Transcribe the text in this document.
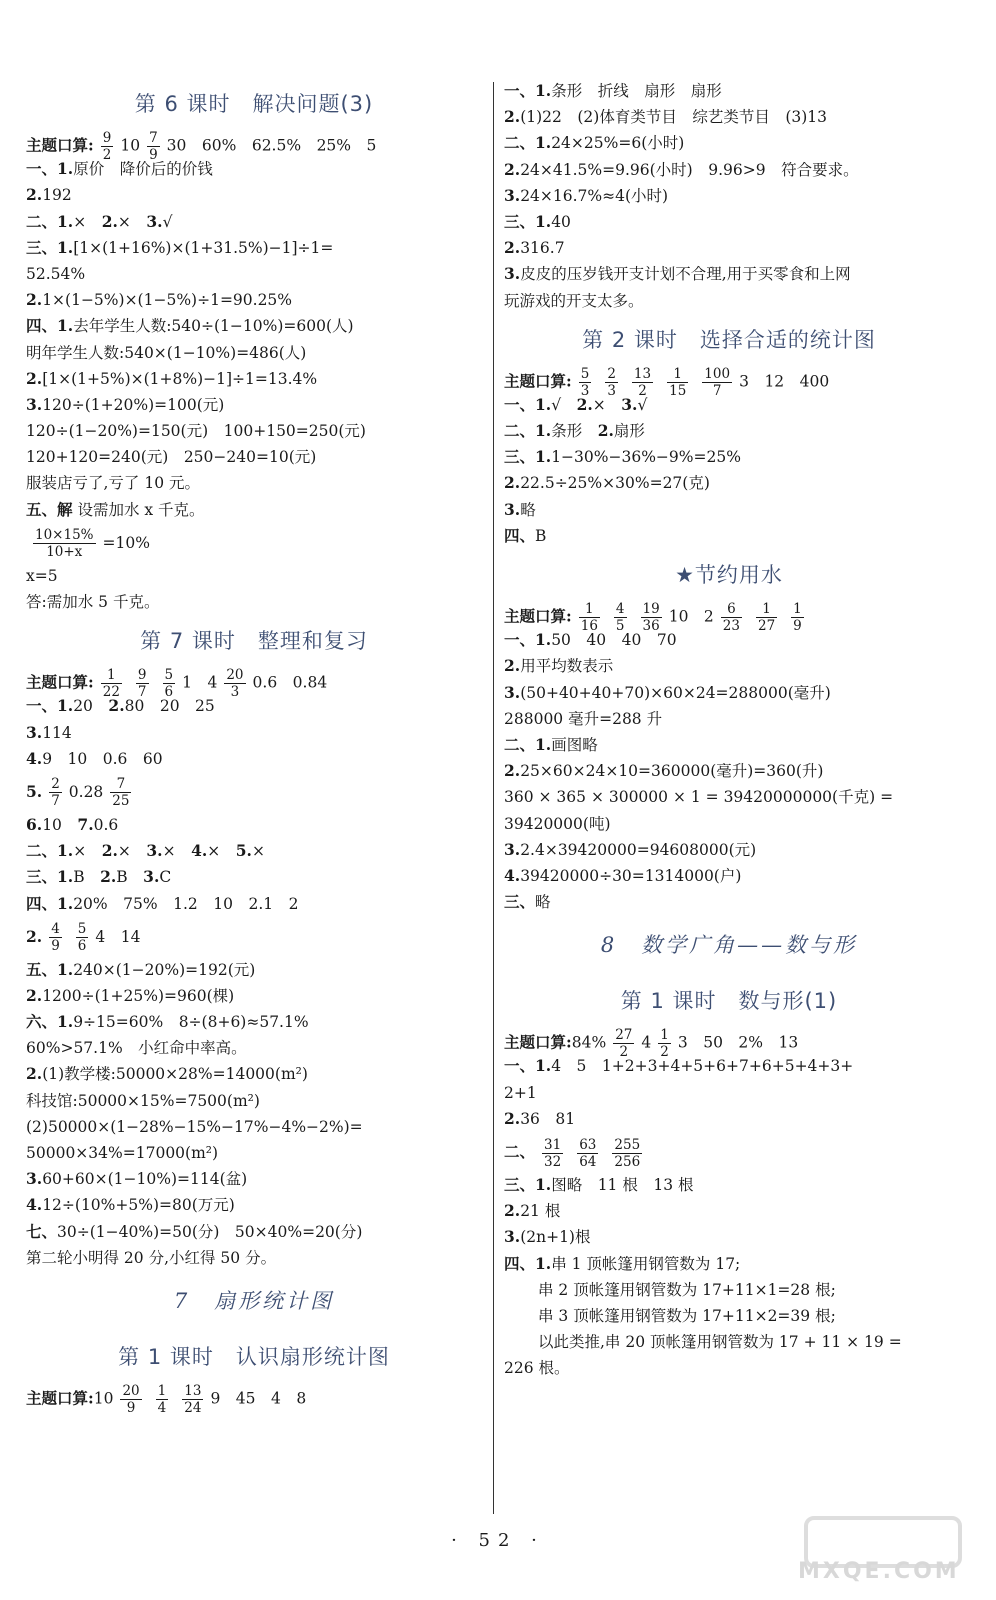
第 6 课时　解决问题(3)
主题口算: $\frac{9}{2} 10 \frac{7}{9} 30$　60%　62.5%　25%　5
一、1.原价　降价后的价钱
2.192
二、1.×　2.×　3.√
三、1.[1×(1+16%)×(1+31.5%)−1]÷1=
52.54%
2.1×(1−5%)×(1−5%)÷1=90.25%
四、1.去年学生人数:540÷(1−10%)=600(人)
明年学生人数:540×(1−10%)=486(人)
2.[1×(1+5%)×(1+8%)−1]÷1=13.4%
3.120÷(1+20%)=100(元)
120÷(1−20%)=150(元)　100+150=250(元)
120+120=240(元)　250−240=10(元)
服装店亏了,亏了 10 元。
五、解 设需加水 x 千克。
$\frac{10\times 15\%}{10+x} =10\%$
x=5
答:需加水 5 千克。
第 7 课时　整理和复习
主题口算: $\frac{1}{22} \frac{9}{7} \frac{5}{6} 1$　$4 \frac{20}{3} 0.6$　0.84
一、1.20　2.80　20　25
3.114
4.9　10　0.6　60
5. $\frac{2}{7} 0.28 \frac{7}{25}$
6.10　7.0.6
二、1.×　2.×　3.×　4.×　5.×
三、1.B　2.B　3.C
四、1.20%　75%　1.2　10　2.1　2
2. $\frac{4}{9} \frac{5}{6} 4$　14
五、1.240×(1−20%)=192(元)
2.1200÷(1+25%)=960(棵)
六、1.9÷15=60%　8÷(8+6)≈57.1%
60%>57.1%　小红命中率高。
2.(1)教学楼:50000×28%=14000(m²)
科技馆:50000×15%=7500(m²)
(2)50000×(1−28%−15%−17%−4%−2%)=
50000×34%=17000(m²)
3.60+60×(1−10%)=114(盆)
4.12÷(10%+5%)=80(万元)
七、30÷(1−40%)=50(分)　50×40%=20(分)
第二轮小明得 20 分,小红得 50 分。
7　扇形统计图
第 1 课时　认识扇形统计图
主题口算:10 $\frac{20}{9} \frac{1}{4} \frac{13}{24} 9$　45　4　8
一、1.条形　折线　扇形　扇形
2.(1)22　(2)体育类节目　综艺类节目　(3)13
二、1.24×25%=6(小时)
2.24×41.5%=9.96(小时)　9.96>9　符合要求。
3.24×16.7%≈4(小时)
三、1.40
2.316.7
3.皮皮的压岁钱开支计划不合理,用于买零食和上网
玩游戏的开支太多。
第 2 课时　选择合适的统计图
主题口算: $\frac{5}{3} \frac{2}{3} \frac{13}{2} \frac{1}{15} \frac{100}{7} 3$　12　400
一、1.√　2.×　3.√
二、1.条形　2.扇形
三、1.1−30%−36%−9%=25%
2.22.5÷25%×30%=27(克)
3.略
四、B
★节约用水
主题口算: $\frac{1}{16} \frac{4}{5} \frac{19}{36} 10$　$2 \frac{6}{23} \frac{1}{27} \frac{1}{9}$
一、1.50　40　40　70
2.用平均数表示
3.(50+40+40+70)×60×24=288000(毫升)
288000 毫升=288 升
二、1.画图略
2.25×60×24×10=360000(毫升)=360(升)
360 × 365 × 300000 × 1 = 39420000000(千克) =
39420000(吨)
3.2.4×39420000=94608000(元)
4.39420000÷30=1314000(户)
三、略
8　数学广角——数与形
第 1 课时　数与形(1)
主题口算:84% $\frac{27}{2} 4 \frac{1}{2} 3$　50　2%　13
一、1.4　5　1+2+3+4+5+6+7+6+5+4+3+
2+1
2.36　81
二、 $\frac{31}{32} \frac{63}{64} \frac{255}{256}$
三、1.图略　11 根　13 根
2.21 根
3.(2n+1)根
四、1.串 1 顶帐篷用钢管数为 17;
串 2 顶帐篷用钢管数为 17+11×1=28 根;
串 3 顶帐篷用钢管数为 17+11×2=39 根;
以此类推,串 20 顶帐篷用钢管数为 17 + 11 × 19 =
226 根。
· 52 ·
MXQE.COM
